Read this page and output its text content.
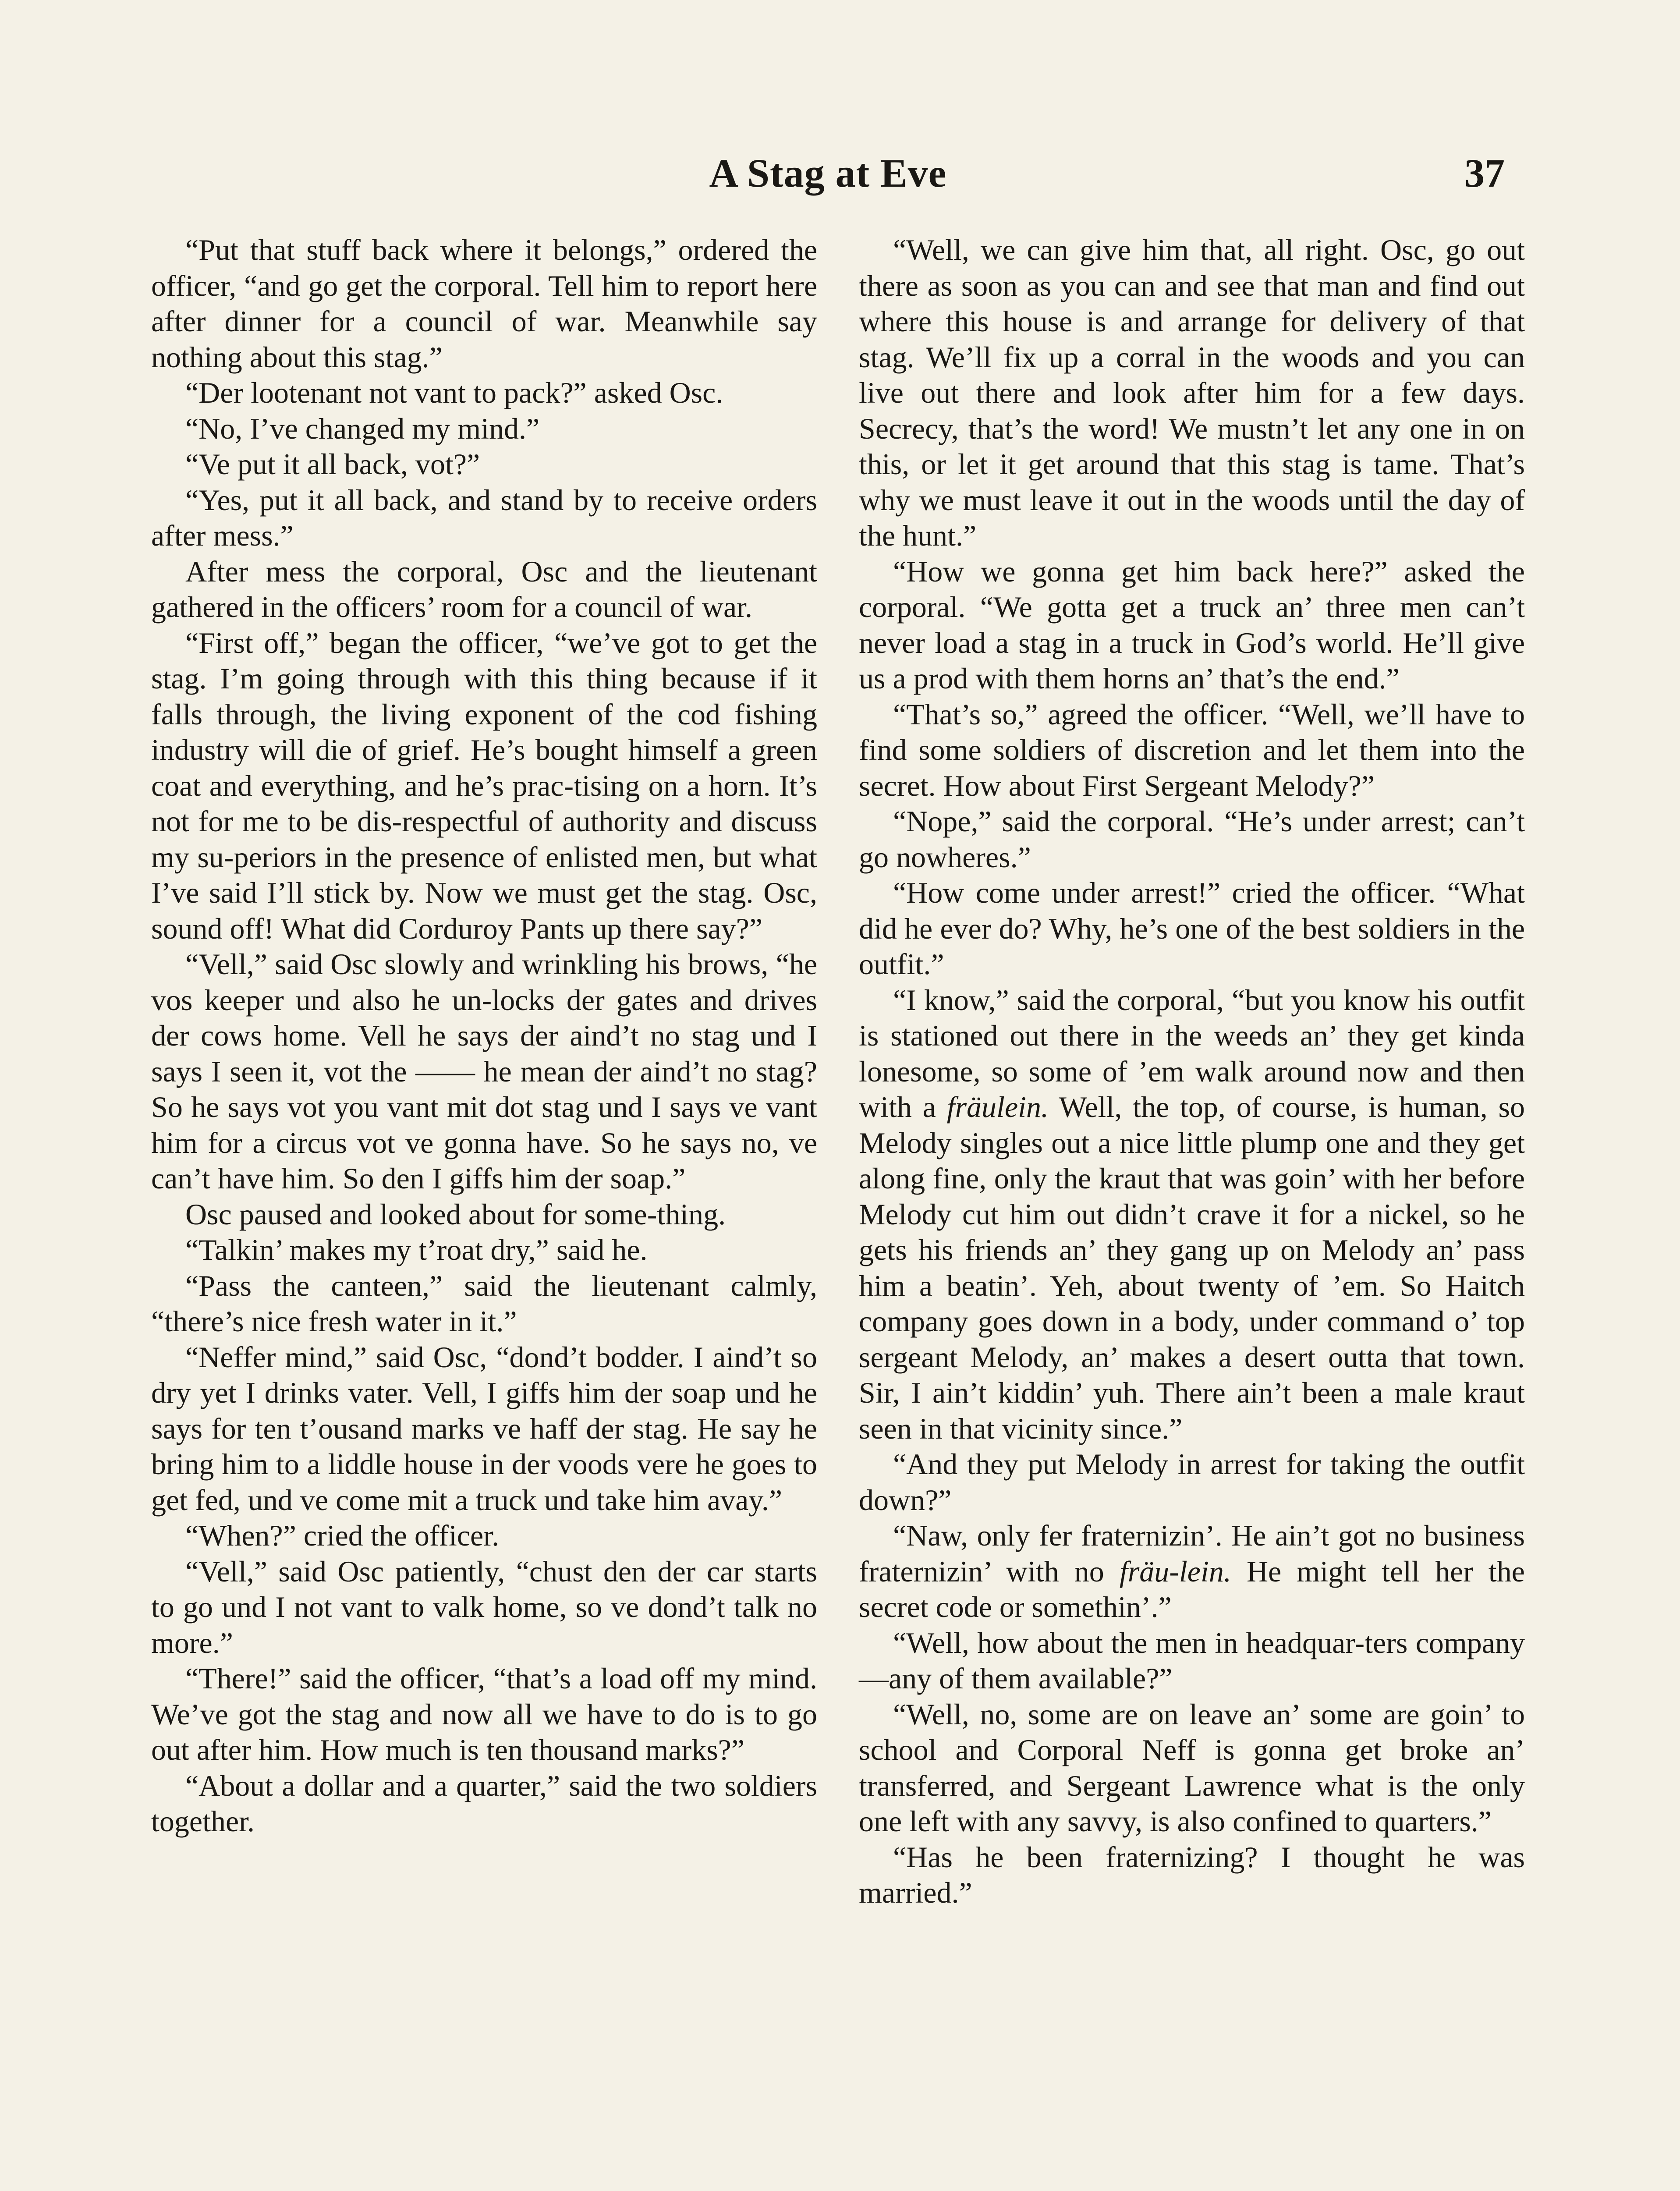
A Stag at Eve	37

“Put that stuff back where it belongs,” ordered the officer, “and go get the corporal. Tell him to report here after dinner for a council of war. Meanwhile say nothing about this stag.”

“Der lootenant not vant to pack?” asked Osc.

“No, I’ve changed my mind.”

“Ve put it all back, vot?”

“Yes, put it all back, and stand by to receive orders after mess.”

After mess the corporal, Osc and the lieutenant gathered in the officers’ room for a council of war.

“First off,” began the officer, “we’ve got to get the stag. I’m going through with this thing because if it falls through, the living exponent of the cod fishing industry will die of grief. He’s bought himself a green coat and everything, and he’s prac-tising on a horn. It’s not for me to be dis-respectful of authority and discuss my su-periors in the presence of enlisted men, but what I’ve said I’ll stick by. Now we must get the stag. Osc, sound off! What did Corduroy Pants up there say?”

“Vell,” said Osc slowly and wrinkling his brows, “he vos keeper und also he un-locks der gates and drives der cows home. Vell he says der aind’t no stag und I says I seen it, vot the —— he mean der aind’t no stag? So he says vot you vant mit dot stag und I says ve vant him for a circus vot ve gonna have. So he says no, ve can’t have him. So den I giffs him der soap.”

Osc paused and looked about for some-thing.

“Talkin’ makes my t’roat dry,” said he.

“Pass the canteen,” said the lieutenant calmly, “there’s nice fresh water in it.”

“Neffer mind,” said Osc, “dond’t bodder. I aind’t so dry yet I drinks vater. Vell, I giffs him der soap und he says for ten t’ousand marks ve haff der stag. He say he bring him to a liddle house in der voods vere he goes to get fed, und ve come mit a truck und take him avay.”

“When?” cried the officer.

“Vell,” said Osc patiently, “chust den der car starts to go und I not vant to valk home, so ve dond’t talk no more.”

“There!” said the officer, “that’s a load off my mind. We’ve got the stag and now all we have to do is to go out after him. How much is ten thousand marks?”

“About a dollar and a quarter,” said the two soldiers together.

“Well, we can give him that, all right. Osc, go out there as soon as you can and see that man and find out where this house is and arrange for delivery of that stag. We’ll fix up a corral in the woods and you can live out there and look after him for a few days. Secrecy, that’s the word! We mustn’t let any one in on this, or let it get around that this stag is tame. That’s why we must leave it out in the woods until the day of the hunt.”

“How we gonna get him back here?” asked the corporal. “We gotta get a truck an’ three men can’t never load a stag in a truck in God’s world. He’ll give us a prod with them horns an’ that’s the end.”

“That’s so,” agreed the officer. “Well, we’ll have to find some soldiers of discretion and let them into the secret. How about First Sergeant Melody?”

“Nope,” said the corporal. “He’s under arrest; can’t go nowheres.”

“How come under arrest!” cried the officer. “What did he ever do? Why, he’s one of the best soldiers in the outfit.”

“I know,” said the corporal, “but you know his outfit is stationed out there in the weeds an’ they get kinda lonesome, so some of ’em walk around now and then with a fräulein. Well, the top, of course, is human, so Melody singles out a nice little plump one and they get along fine, only the kraut that was goin’ with her before Melody cut him out didn’t crave it for a nickel, so he gets his friends an’ they gang up on Melody an’ pass him a beatin’. Yeh, about twenty of ’em. So Haitch company goes down in a body, under command o’ top sergeant Melody, an’ makes a desert outta that town. Sir, I ain’t kiddin’ yuh. There ain’t been a male kraut seen in that vicinity since.”

“And they put Melody in arrest for taking the outfit down?”

“Naw, only fer fraternizin’. He ain’t got no business fraternizin’ with no fräu-lein. He might tell her the secret code or somethin’.”

“Well, how about the men in headquar-ters company—any of them available?”

“Well, no, some are on leave an’ some are goin’ to school and Corporal Neff is gonna get broke an’ transferred, and Sergeant Lawrence what is the only one left with any savvy, is also confined to quarters.”

“Has he been fraternizing? I thought he was married.”
